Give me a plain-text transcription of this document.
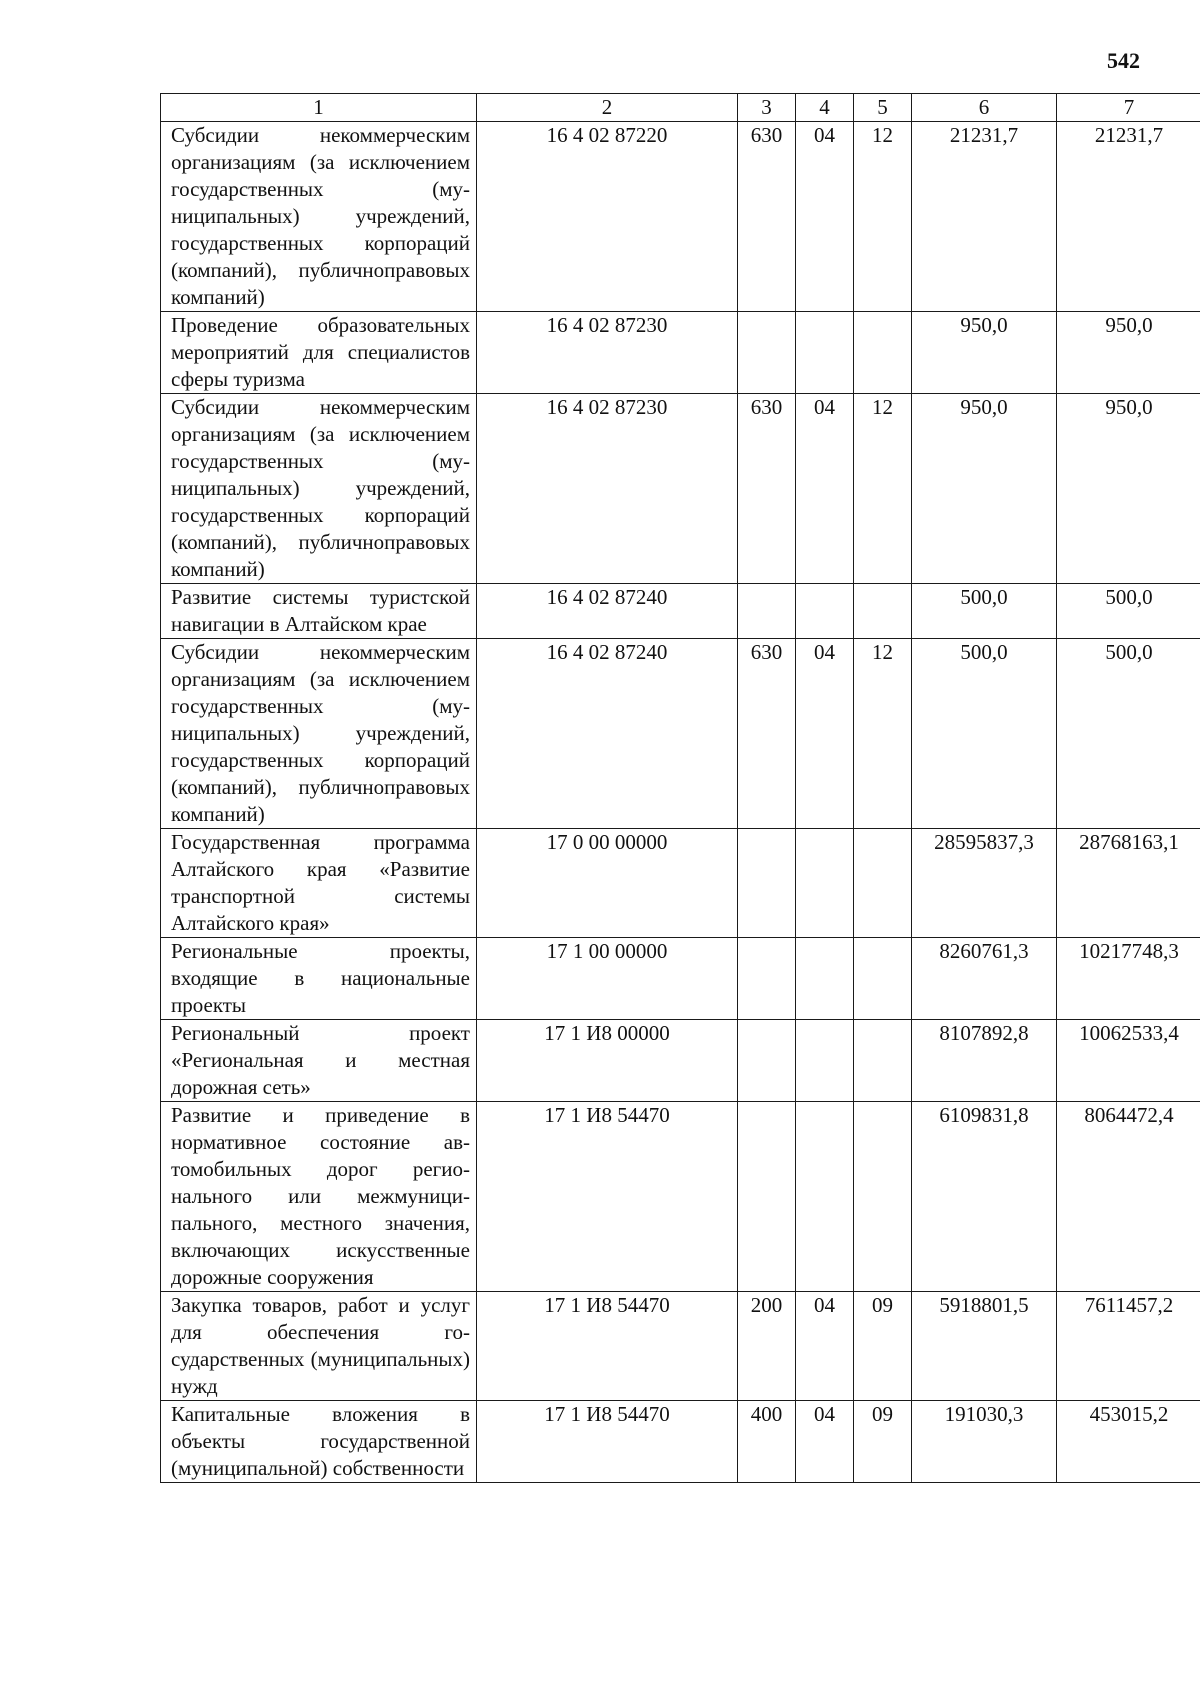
542
1	2	3	4	5	6	7
Субсидии некоммерческим организациям (за исключением государственных (муниципальных) учреждений, государственных корпораций (компаний), публичноправовых компаний)	16 4 02 87220	630	04	12	21231,7	21231,7
Проведение образовательных мероприятий для специалистов сферы туризма	16 4 02 87230				950,0	950,0
Субсидии некоммерческим организациям (за исключением государственных (муниципальных) учреждений, государственных корпораций (компаний), публичноправовых компаний)	16 4 02 87230	630	04	12	950,0	950,0
Развитие системы туристской навигации в Алтайском крае	16 4 02 87240				500,0	500,0
Субсидии некоммерческим организациям (за исключением государственных (муниципальных) учреждений, государственных корпораций (компаний), публичноправовых компаний)	16 4 02 87240	630	04	12	500,0	500,0
Государственная программа Алтайского края «Развитие транспортной системы Алтайского края»	17 0 00 00000				28595837,3	28768163,1
Региональные проекты, входящие в национальные проекты	17 1 00 00000				8260761,3	10217748,3
Региональный проект «Региональная и местная дорожная сеть»	17 1 И8 00000				8107892,8	10062533,4
Развитие и приведение в нормативное состояние автомобильных дорог регионального или межмуниципального, местного значения, включающих искусственные дорожные сооружения	17 1 И8 54470				6109831,8	8064472,4
Закупка товаров, работ и услуг для обеспечения государственных (муниципальных) нужд	17 1 И8 54470	200	04	09	5918801,5	7611457,2
Капитальные вложения в объекты государственной (муниципальной) собственности	17 1 И8 54470	400	04	09	191030,3	453015,2
